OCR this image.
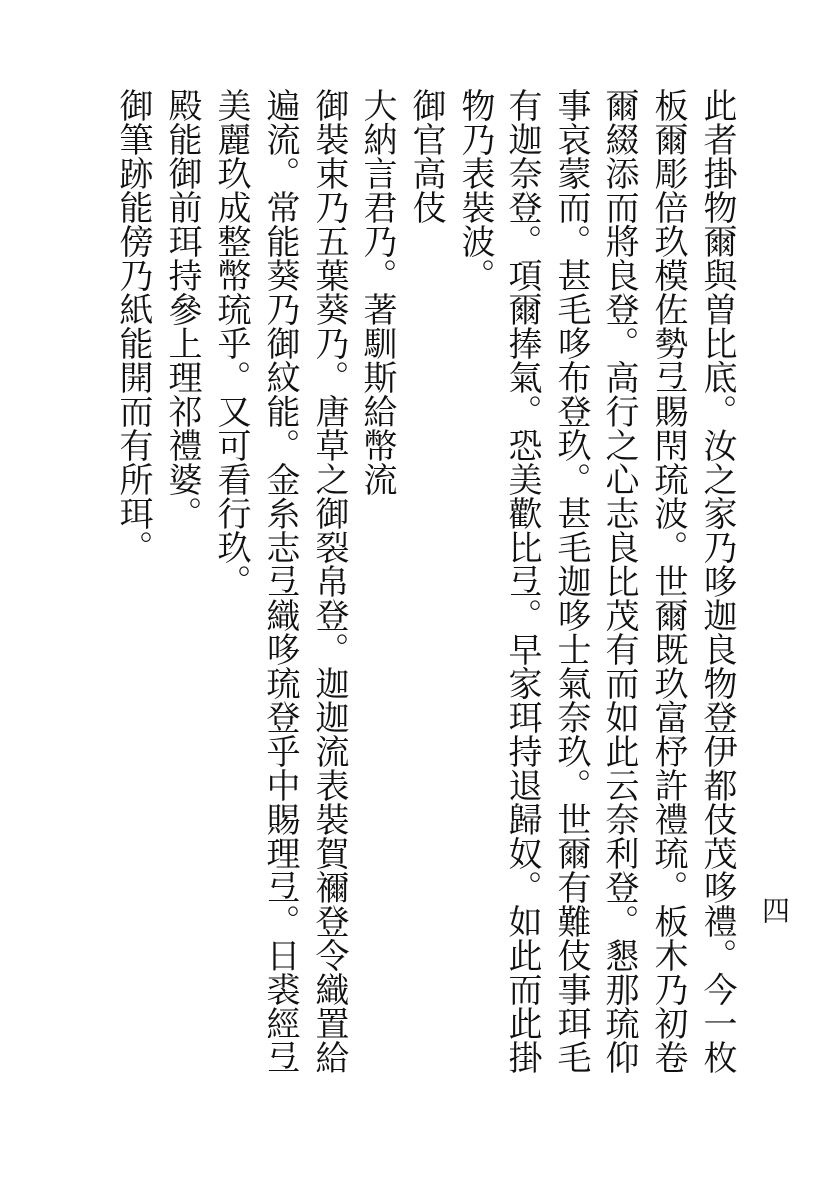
此者掛物爾與曽比底。汝之家乃哆迦良物登伊都伎茂哆禮。今一枚
板爾彫倍玖模佐勢弖賜閇琉波。世爾既玖富杼許禮琉。板木乃初卷
爾綴添而將良登。高行之心志良比茂有而如此云奈利登。懇那琉仰
事哀蒙而。甚毛哆布登玖。甚毛迦哆士氣奈玖。世爾有難伎事珥毛
有迦奈登。項爾捧氣。恐美歡比弖。早家珥持退歸奴。如此而此掛
物乃表裝波。
御官高伎
大納言君乃。著馴斯給幣流
御裝束乃五葉葵乃。唐草之御裂帛登。迦迦流表裝賀禰登令織置給
遍流。常能葵乃御紋能。金糸志弖織哆琉登乎中賜理弖。日裘經弖
美麗玖成整幣琉乎。又可看行玖。
殿能御前珥持參上理祁禮婆。
御筆跡能傍乃紙能開而有所珥。
四
